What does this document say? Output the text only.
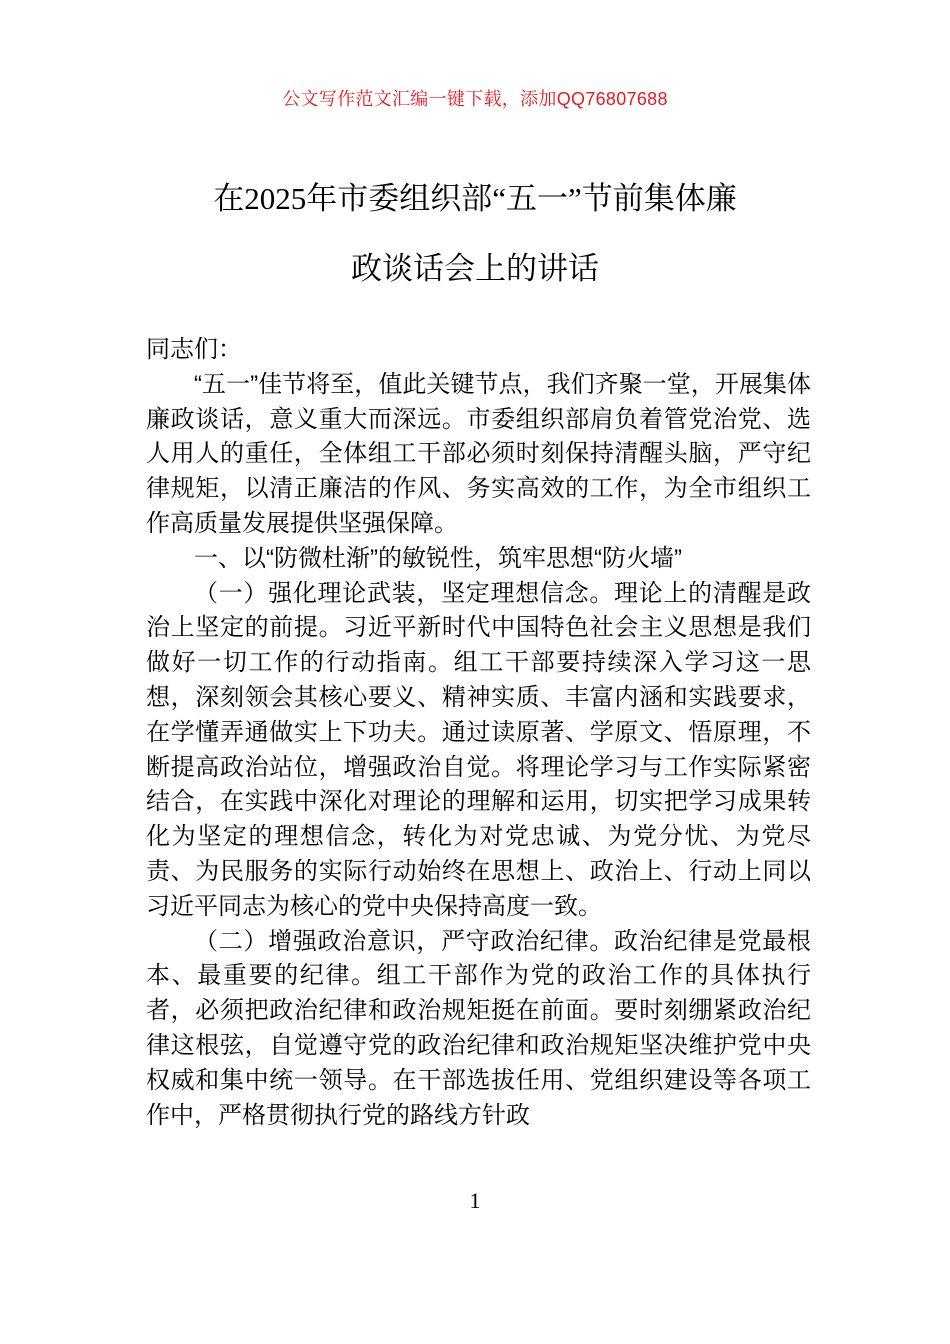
公文写作范文汇编一键下载，添加QQ76807688
在2025年市委组织部“五一”节前集体廉
政谈话会上的讲话

同志们：

“五一”佳节将至，值此关键节点，我们齐聚一堂，开展集体廉政谈话，意义重大而深远。市委组织部肩负着管党治党、选人用人的重任，全体组工干部必须时刻保持清醒头脑，严守纪律规矩，以清正廉洁的作风、务实高效的工作，为全市组织工作高质量发展提供坚强保障。

一、以“防微杜渐”的敏锐性，筑牢思想“防火墙”

（一）强化理论武装，坚定理想信念。理论上的清醒是政治上坚定的前提。习近平新时代中国特色社会主义思想是我们做好一切工作的行动指南。组工干部要持续深入学习这一思想，深刻领会其核心要义、精神实质、丰富内涵和实践要求，在学懂弄通做实上下功夫。通过读原著、学原文、悟原理，不断提高政治站位，增强政治自觉。将理论学习与工作实际紧密结合，在实践中深化对理论的理解和运用，切实把学习成果转化为坚定的理想信念，转化为对党忠诚、为党分忧、为党尽责、为民服务的实际行动始终在思想上、政治上、行动上同以习近平同志为核心的党中央保持高度一致。

（二）增强政治意识，严守政治纪律。政治纪律是党最根本、最重要的纪律。组工干部作为党的政治工作的具体执行者，必须把政治纪律和政治规矩挺在前面。要时刻绷紧政治纪律这根弦，自觉遵守党的政治纪律和政治规矩坚决维护党中央权威和集中统一领导。在干部选拔任用、党组织建设等各项工作中，严格贯彻执行党的路线方针政

1
